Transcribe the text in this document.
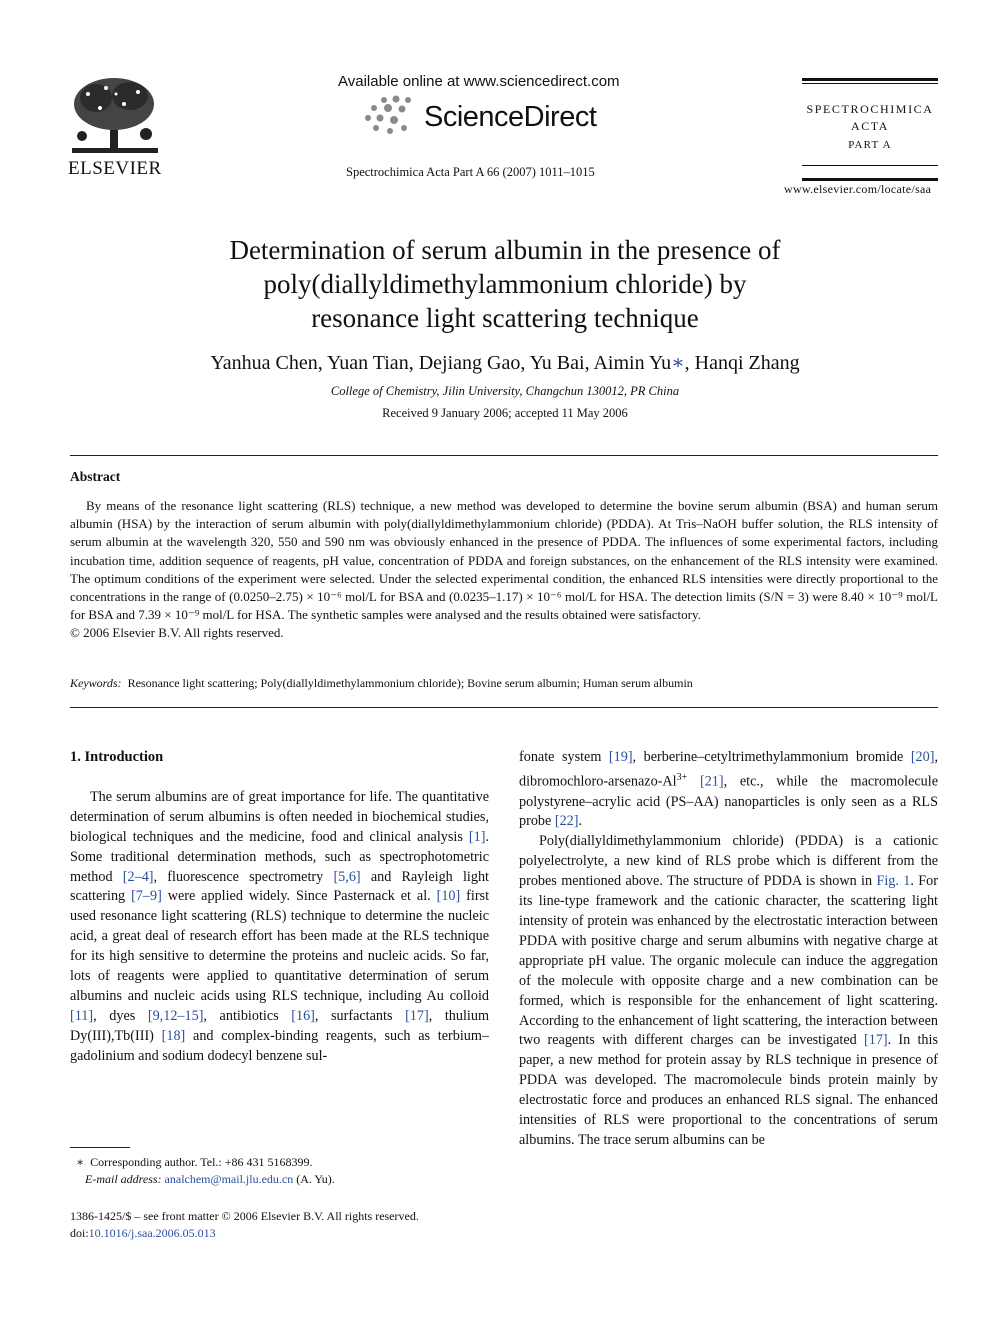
ELSEVIER
Available online at www.sciencedirect.com
ScienceDirect
Spectrochimica Acta Part A 66 (2007) 1011–1015
SPECTROCHIMICA
ACTA
PART A
www.elsevier.com/locate/saa
Determination of serum albumin in the presence of
poly(diallyldimethylammonium chloride) by
resonance light scattering technique
Yanhua Chen, Yuan Tian, Dejiang Gao, Yu Bai, Aimin Yu∗, Hanqi Zhang
College of Chemistry, Jilin University, Changchun 130012, PR China
Received 9 January 2006; accepted 11 May 2006
Abstract

By means of the resonance light scattering (RLS) technique, a new method was developed to determine the bovine serum albumin (BSA) and human serum albumin (HSA) by the interaction of serum albumin with poly(diallyldimethylammonium chloride) (PDDA). At Tris–NaOH buffer solution, the RLS intensity of serum albumin at the wavelength 320, 550 and 590 nm was obviously enhanced in the presence of PDDA. The influences of some experimental factors, including incubation time, addition sequence of reagents, pH value, concentration of PDDA and foreign substances, on the enhancement of the RLS intensity were examined. The optimum conditions of the experiment were selected. Under the selected experimental condition, the enhanced RLS intensities were directly proportional to the concentrations in the range of (0.0250–2.75) × 10⁻⁶ mol/L for BSA and (0.0235–1.17) × 10⁻⁶ mol/L for HSA. The detection limits (S/N = 3) were 8.40 × 10⁻⁹ mol/L for BSA and 7.39 × 10⁻⁹ mol/L for HSA. The synthetic samples were analysed and the results obtained were satisfactory.

© 2006 Elsevier B.V. All rights reserved.

Keywords: Resonance light scattering; Poly(diallyldimethylammonium chloride); Bovine serum albumin; Human serum albumin

1. Introduction

The serum albumins are of great importance for life. The quantitative determination of serum albumins is often needed in biochemical studies, biological techniques and the medicine, food and clinical analysis [1]. Some traditional determination methods, such as spectrophotometric method [2–4], fluorescence spectrometry [5,6] and Rayleigh light scattering [7–9] were applied widely. Since Pasternack et al. [10] first used resonance light scattering (RLS) technique to determine the nucleic acid, a great deal of research effort has been made at the RLS technique for its high sensitive to determine the proteins and nucleic acids. So far, lots of reagents were applied to quantitative determination of serum albumins and nucleic acids using RLS technique, including Au colloid [11], dyes [9,12–15], antibiotics [16], surfactants [17], thulium Dy(III),Tb(III) [18] and complex-binding reagents, such as terbium–gadolinium and sodium dodecyl benzene sul-

fonate system [19], berberine–cetyltrimethylammonium bromide [20], dibromochloro-$arsenazo-Al^{3+}$ [21], etc., while the macromolecule polystyrene–acrylic acid (PS–AA) nanoparticles is only seen as a RLS probe [22].

Poly(diallyldimethylammonium chloride) (PDDA) is a cationic polyelectrolyte, a new kind of RLS probe which is different from the probes mentioned above. The structure of PDDA is shown in Fig. 1. For its line-type framework and the cationic character, the scattering light intensity of protein was enhanced by the electrostatic interaction between PDDA with positive charge and serum albumins with negative charge at appropriate pH value. The organic molecule can induce the aggregation of the molecule with opposite charge and a new combination can be formed, which is responsible for the enhancement of light scattering. According to the enhancement of light scattering, the interaction between two reagents with different charges can be investigated [17]. In this paper, a new method for protein assay by RLS technique in presence of PDDA was developed. The macromolecule binds protein mainly by electrostatic force and produces an enhanced RLS signal. The enhanced intensities of RLS were proportional to the concentrations of serum albumins. The trace serum albumins can be

∗ Corresponding author. Tel.: +86 431 5168399.
E-mail address: analchem@mail.jlu.edu.cn (A. Yu).
1386-1425/$ – see front matter © 2006 Elsevier B.V. All rights reserved.
doi:10.1016/j.saa.2006.05.013
